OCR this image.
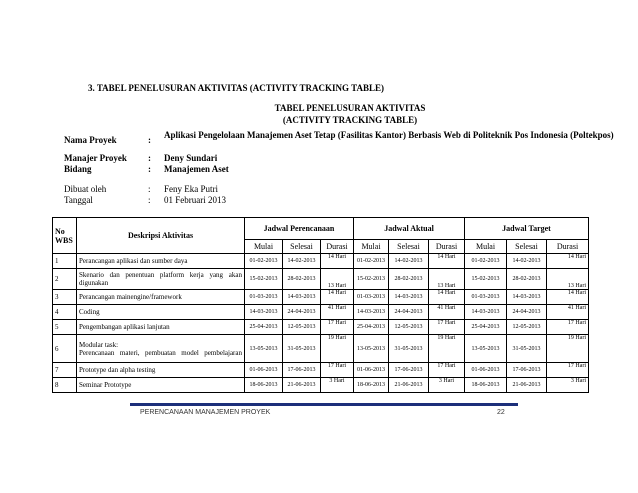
3. TABEL PENELUSURAN AKTIVITAS (ACTIVITY TRACKING TABLE)
TABEL PENELUSURAN AKTIVITAS
(ACTIVITY TRACKING TABLE)
Nama Proyek	: Aplikasi Pengelolaan Manajemen Aset Tetap (Fasilitas Kantor) Berbasis Web di Politeknik Pos Indonesia (Poltekpos)
Manajer Proyek : Deny Sundari
Bidang	: Manajemen Aset
Dibuat oleh	: Feny Eka Putri
Tanggal	: 01 Februari 2013
No WBS	Deskripsi Aktivitas	Jadwal Perencanaan			Jadwal Aktual			Jadwal Target		
		Mulai	Selesai	Durasi	Mulai	Selesai	Durasi	Mulai	Selesai	Durasi
1	Perancangan aplikasi dan sumber daya	01-02-2013	14-02-2013	14 Hari	01-02-2013	14-02-2013	14 Hari	01-02-2013	14-02-2013	14 Hari
2	Skenario dan penentuan platform kerja yang akan digunakan	15-02-2013	28-02-2013	13 Hari	15-02-2013	28-02-2013	13 Hari	15-02-2013	28-02-2013	13 Hari
3	Perancangan mainengine/framework	01-03-2013	14-03-2013	14 Hari	01-03-2013	14-03-2013	14 Hari	01-03-2013	14-03-2013	14 Hari
4	Coding	14-03-2013	24-04-2013	41 Hari	14-03-2013	24-04-2013	41 Hari	14-03-2013	24-04-2013	41 Hari
5	Pengembangan aplikasi lanjutan	25-04-2013	12-05-2013	17 Hari	25-04-2013	12-05-2013	17 Hari	25-04-2013	12-05-2013	17 Hari
6	Modular task:
Perencanaan materi, pembuatan model pembelajaran	13-05-2013	31-05-2013	19 Hari	13-05-2013	31-05-2013	19 Hari	13-05-2013	31-05-2013	19 Hari
7	Prototype dan alpha testing	01-06-2013	17-06-2013	17 Hari	01-06-2013	17-06-2013	17 Hari	01-06-2013	17-06-2013	17 Hari
8	Seminar Prototype	18-06-2013	21-06-2013	3 Hari	18-06-2013	21-06-2013	3 Hari	18-06-2013	21-06-2013	3 Hari
PERENCANAAN MANAJEMEN PROYEK	22
